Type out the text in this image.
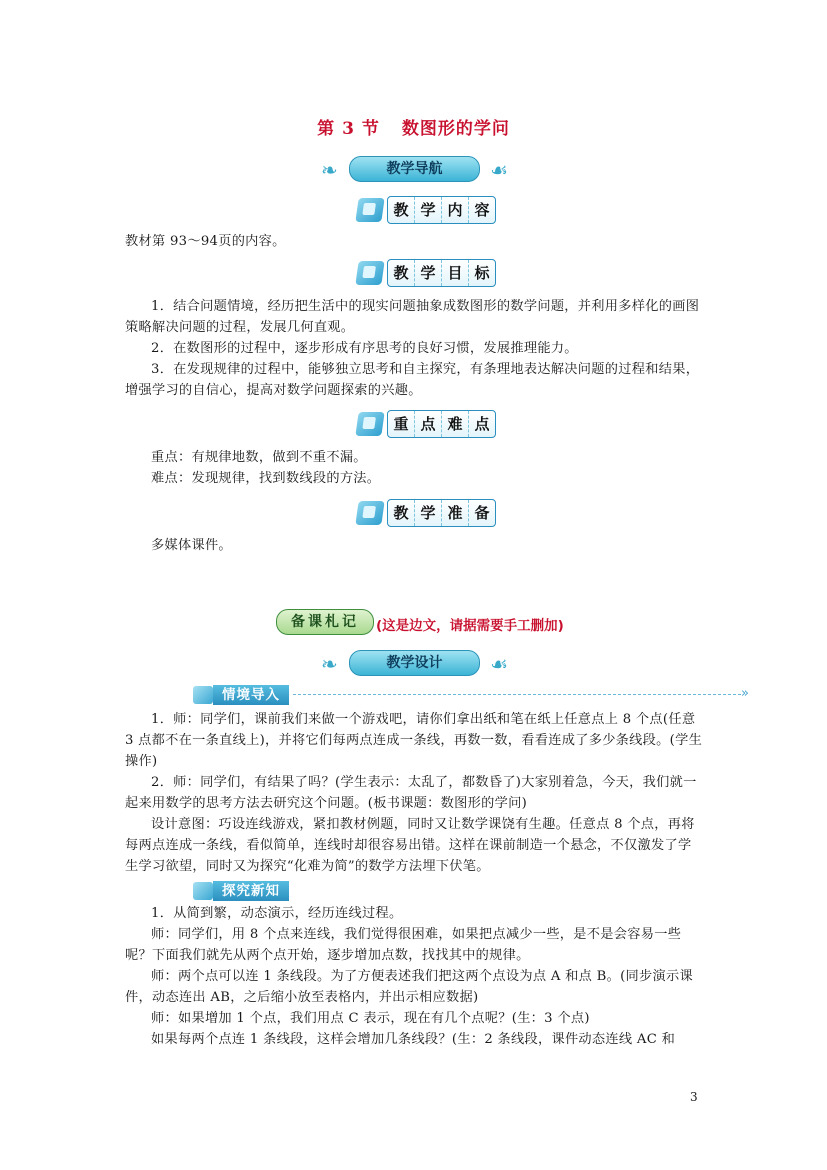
第 3 节 数图形的学问
❧	教学导航	☙
教 学 内 容
教材第 93～94页的内容。
教 学 目 标
1．结合问题情境，经历把生活中的现实问题抽象成数图形的数学问题，并利用多样化的画图策略解决问题的过程，发展几何直观。
2．在数图形的过程中，逐步形成有序思考的良好习惯，发展推理能力。
3．在发现规律的过程中，能够独立思考和自主探究，有条理地表达解决问题的过程和结果，增强学习的自信心，提高对数学问题探索的兴趣。
重 点 难 点
重点：有规律地数，做到不重不漏。
难点：发现规律，找到数线段的方法。
教 学 准 备
多媒体课件。
备课札记	(这是边文，请据需要手工删加)
❧	教学设计	☙
情境导入	»
1．师：同学们，课前我们来做一个游戏吧，请你们拿出纸和笔在纸上任意点上 8 个点(任意 3 点都不在一条直线上)，并将它们每两点连成一条线，再数一数，看看连成了多少条线段。(学生操作)
2．师：同学们，有结果了吗？(学生表示：太乱了，都数昏了)大家别着急，今天，我们就一起来用数学的思考方法去研究这个问题。(板书课题：数图形的学问)
设计意图：巧设连线游戏，紧扣教材例题，同时又让数学课饶有生趣。任意点 8 个点，再将每两点连成一条线，看似简单，连线时却很容易出错。这样在课前制造一个悬念，不仅激发了学生学习欲望，同时又为探究“化难为简”的数学方法埋下伏笔。
探究新知
1．从简到繁，动态演示，经历连线过程。
师：同学们，用 8 个点来连线，我们觉得很困难，如果把点减少一些，是不是会容易一些呢？下面我们就先从两个点开始，逐步增加点数，找找其中的规律。
师：两个点可以连 1 条线段。为了方便表述我们把这两个点设为点 A 和点 B。(同步演示课件，动态连出 AB，之后缩小放至表格内，并出示相应数据)
师：如果增加 1 个点，我们用点 C 表示，现在有几个点呢？(生：3 个点)
如果每两个点连 1 条线段，这样会增加几条线段？(生：2 条线段，课件动态连线 AC 和
3
